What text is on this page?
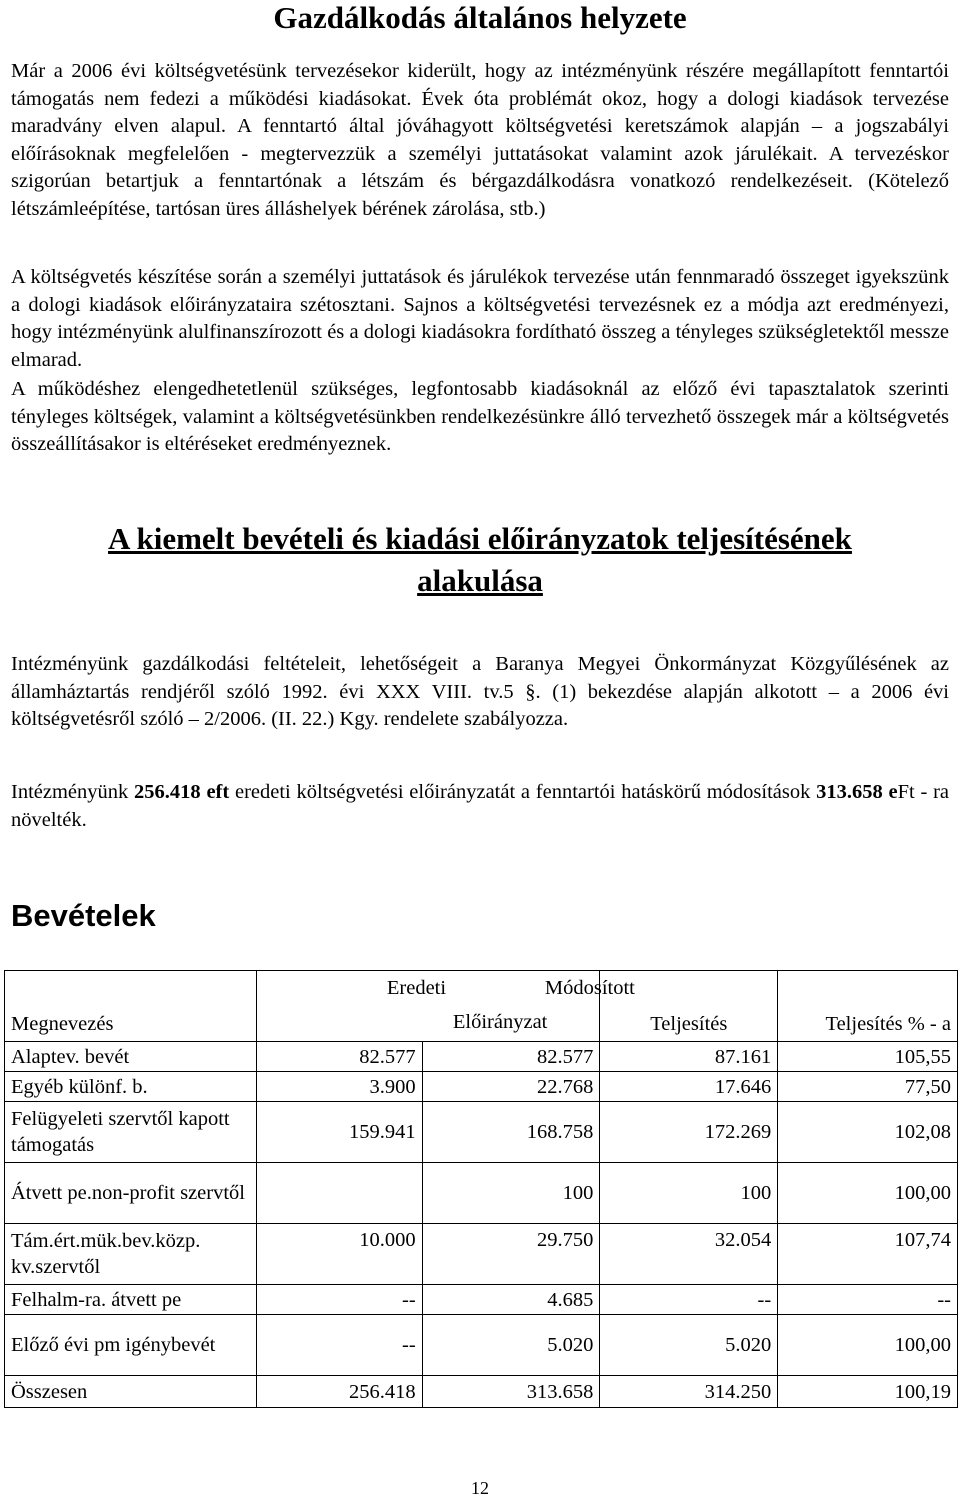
Gazdálkodás általános helyzete

Már a 2006 évi költségvetésünk tervezésekor kiderült, hogy az intézményünk részére megállapított fenntartói támogatás nem fedezi a működési kiadásokat. Évek óta problémát okoz, hogy a dologi kiadások tervezése maradvány elven alapul. A fenntartó által jóváhagyott költségvetési keretszámok alapján – a jogszabályi előírásoknak megfelelően - megtervezzük a személyi juttatásokat valamint azok járulékait. A tervezéskor szigorúan betartjuk a fenntartónak a létszám és bérgazdálkodásra vonatkozó rendelkezéseit. (Kötelező létszámleépítése, tartósan üres álláshelyek bérének zárolása, stb.)

A költségvetés készítése során a személyi juttatások és járulékok tervezése után fennmaradó összeget igyekszünk a dologi kiadások előirányzataira szétosztani. Sajnos a költségvetési tervezésnek ez a módja azt eredményezi, hogy intézményünk alulfinanszírozott és a dologi kiadásokra fordítható összeg a tényleges szükségletektől messze elmarad.

A működéshez elengedhetetlenül szükséges, legfontosabb kiadásoknál az előző évi tapasztalatok szerinti tényleges költségek, valamint a költségvetésünkben rendelkezésünkre álló tervezhető összegek már a költségvetés összeállításakor is eltéréseket eredményeznek.

A kiemelt bevételi és kiadási előirányzatok teljesítésének
alakulása

Intézményünk gazdálkodási feltételeit, lehetőségeit a Baranya Megyei Önkormányzat Közgyűlésének az államháztartás rendjéről szóló 1992. évi XXX VIII. tv.5 §. (1) bekezdése alapján alkotott – a 2006 évi költségvetésről szóló – 2/2006. (II. 22.) Kgy. rendelete szabályozza.

Intézményünk 256.418 eft eredeti költségvetési előirányzatát a fenntartói hatáskörű módosítások 313.658 eFt - ra növelték.

Bevételek
Megnevezés	Eredeti Módosított
Előirányzat		Teljesítés	Teljesítés % - a
Alaptev. bevét	82.577	82.577	87.161	105,55
Egyéb különf. b.	3.900	22.768	17.646	77,50
Felügyeleti szervtől kapott támogatás	159.941	168.758	172.269	102,08
Átvett pe.non-profit szervtől		100	100	100,00
Tám.ért.mük.bev.közp. kv.szervtől	10.000	29.750	32.054	107,74
Felhalm-ra. átvett pe	--	4.685	--	--
Előző évi pm igénybevét	--	5.020	5.020	100,00
Összesen	256.418	313.658	314.250	100,19
12
